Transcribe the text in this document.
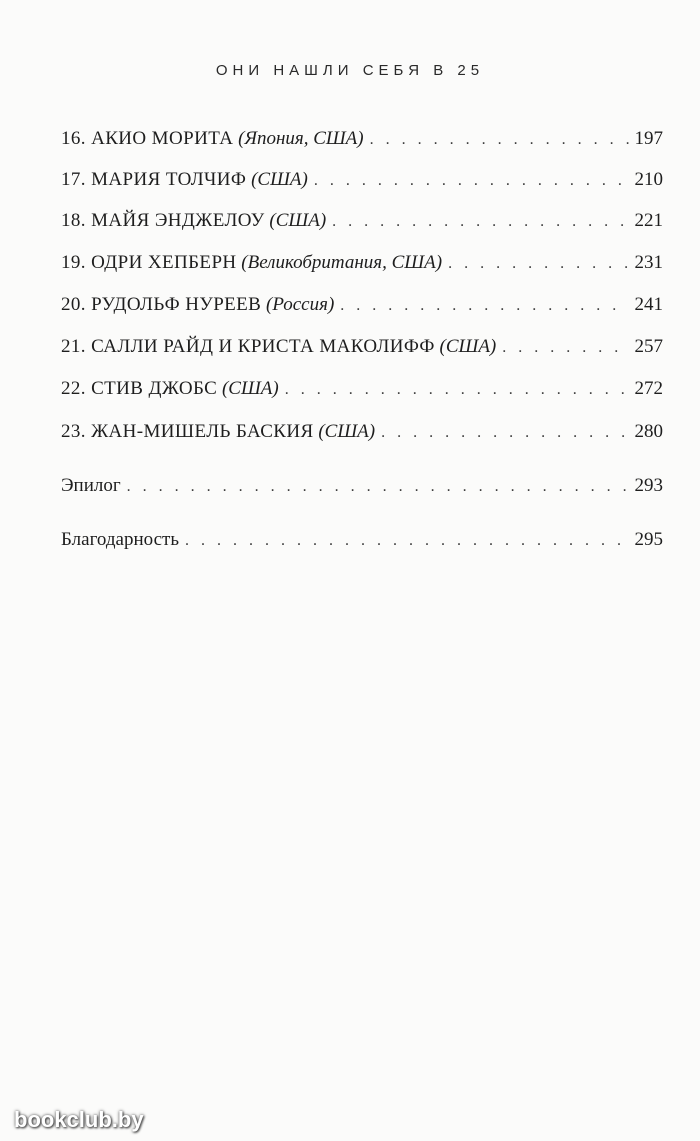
ОНИ НАШЛИ СЕБЯ В 25
16. АКИО МОРИТА (Япония, США) . . .	197
17. МАРИЯ ТОЛЧИФ (США) . . .	210
18. МАЙЯ ЭНДЖЕЛОУ (США) . . .	221
19. ОДРИ ХЕПБЕРН (Великобритания, США) . . .	231
20. РУДОЛЬФ НУРЕЕВ (Россия) . . .	241
21. САЛЛИ РАЙД И КРИСТА МАКОЛИФФ (США) . . .	257
22. СТИВ ДЖОБС (США) . . .	272
23. ЖАН-МИШЕЛЬ БАСКИЯ (США) . . .	280
Эпилог . . .	293
Благодарность . . .	295
bookclub.by
